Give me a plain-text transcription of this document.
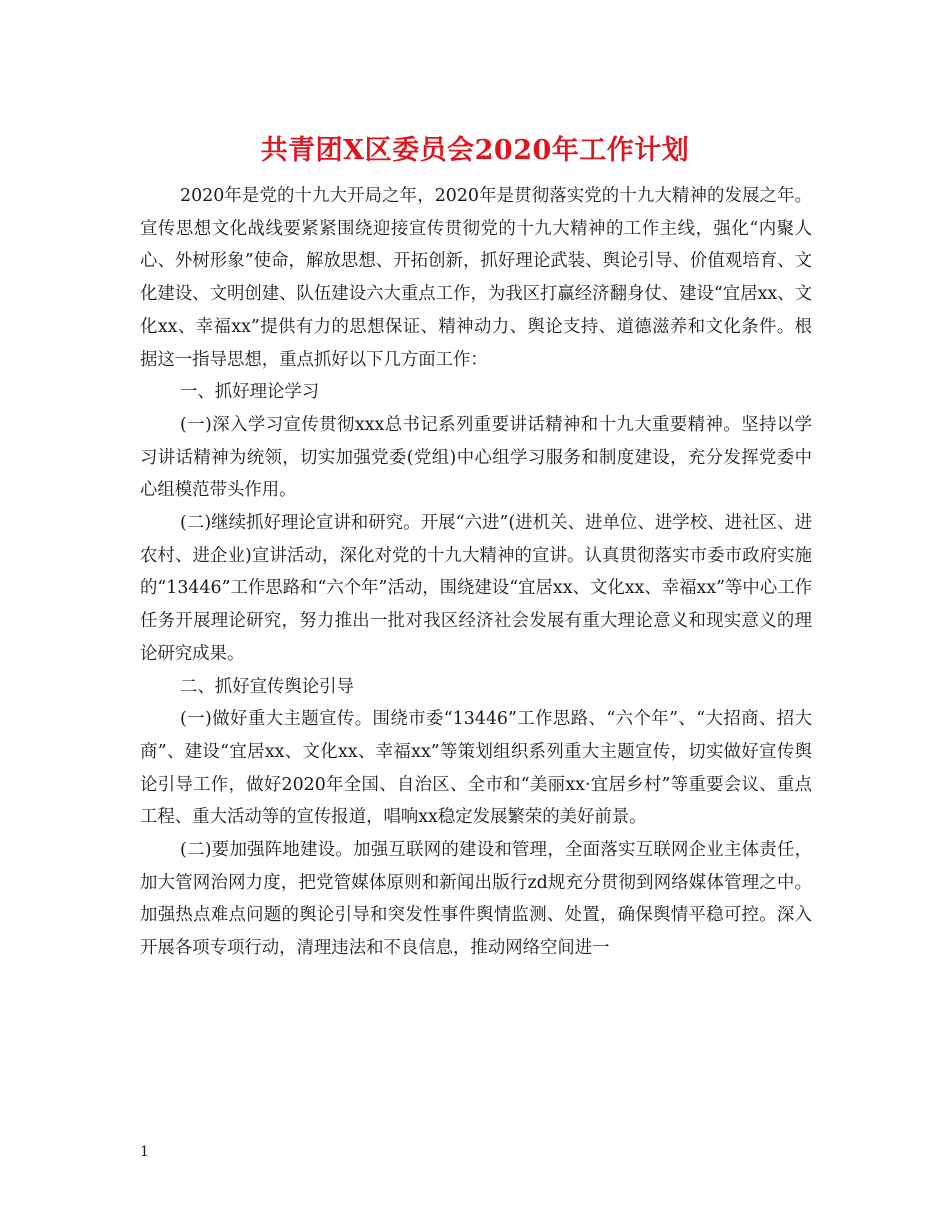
共青团X区委员会2020年工作计划

2020年是党的十九大开局之年，2020年是贯彻落实党的十九大精神的发展之年。宣传思想文化战线要紧紧围绕迎接宣传贯彻党的十九大精神的工作主线，强化“内聚人心、外树形象”使命，解放思想、开拓创新，抓好理论武装、舆论引导、价值观培育、文化建设、文明创建、队伍建设六大重点工作，为我区打赢经济翻身仗、建设“宜居xx、文化xx、幸福xx”提供有力的思想保证、精神动力、舆论支持、道德滋养和文化条件。根据这一指导思想，重点抓好以下几方面工作：

一、抓好理论学习

(一)深入学习宣传贯彻xxx总书记系列重要讲话精神和十九大重要精神。坚持以学习讲话精神为统领，切实加强党委(党组)中心组学习服务和制度建设，充分发挥党委中心组模范带头作用。

(二)继续抓好理论宣讲和研究。开展“六进”(进机关、进单位、进学校、进社区、进农村、进企业)宣讲活动，深化对党的十九大精神的宣讲。认真贯彻落实市委市政府实施的“13446”工作思路和“六个年”活动，围绕建设“宜居xx、文化xx、幸福xx”等中心工作任务开展理论研究，努力推出一批对我区经济社会发展有重大理论意义和现实意义的理论研究成果。

二、抓好宣传舆论引导

(一)做好重大主题宣传。围绕市委“13446”工作思路、“六个年”、“大招商、招大商”、建设“宜居xx、文化xx、幸福xx”等策划组织系列重大主题宣传，切实做好宣传舆论引导工作，做好2020年全国、自治区、全市和“美丽xx·宜居乡村”等重要会议、重点工程、重大活动等的宣传报道，唱响xx稳定发展繁荣的美好前景。

(二)要加强阵地建设。加强互联网的建设和管理，全面落实互联网企业主体责任，加大管网治网力度，把党管媒体原则和新闻出版行zd规充分贯彻到网络媒体管理之中。加强热点难点问题的舆论引导和突发性事件舆情监测、处置，确保舆情平稳可控。深入开展各项专项行动，清理违法和不良信息，推动网络空间进一

1
